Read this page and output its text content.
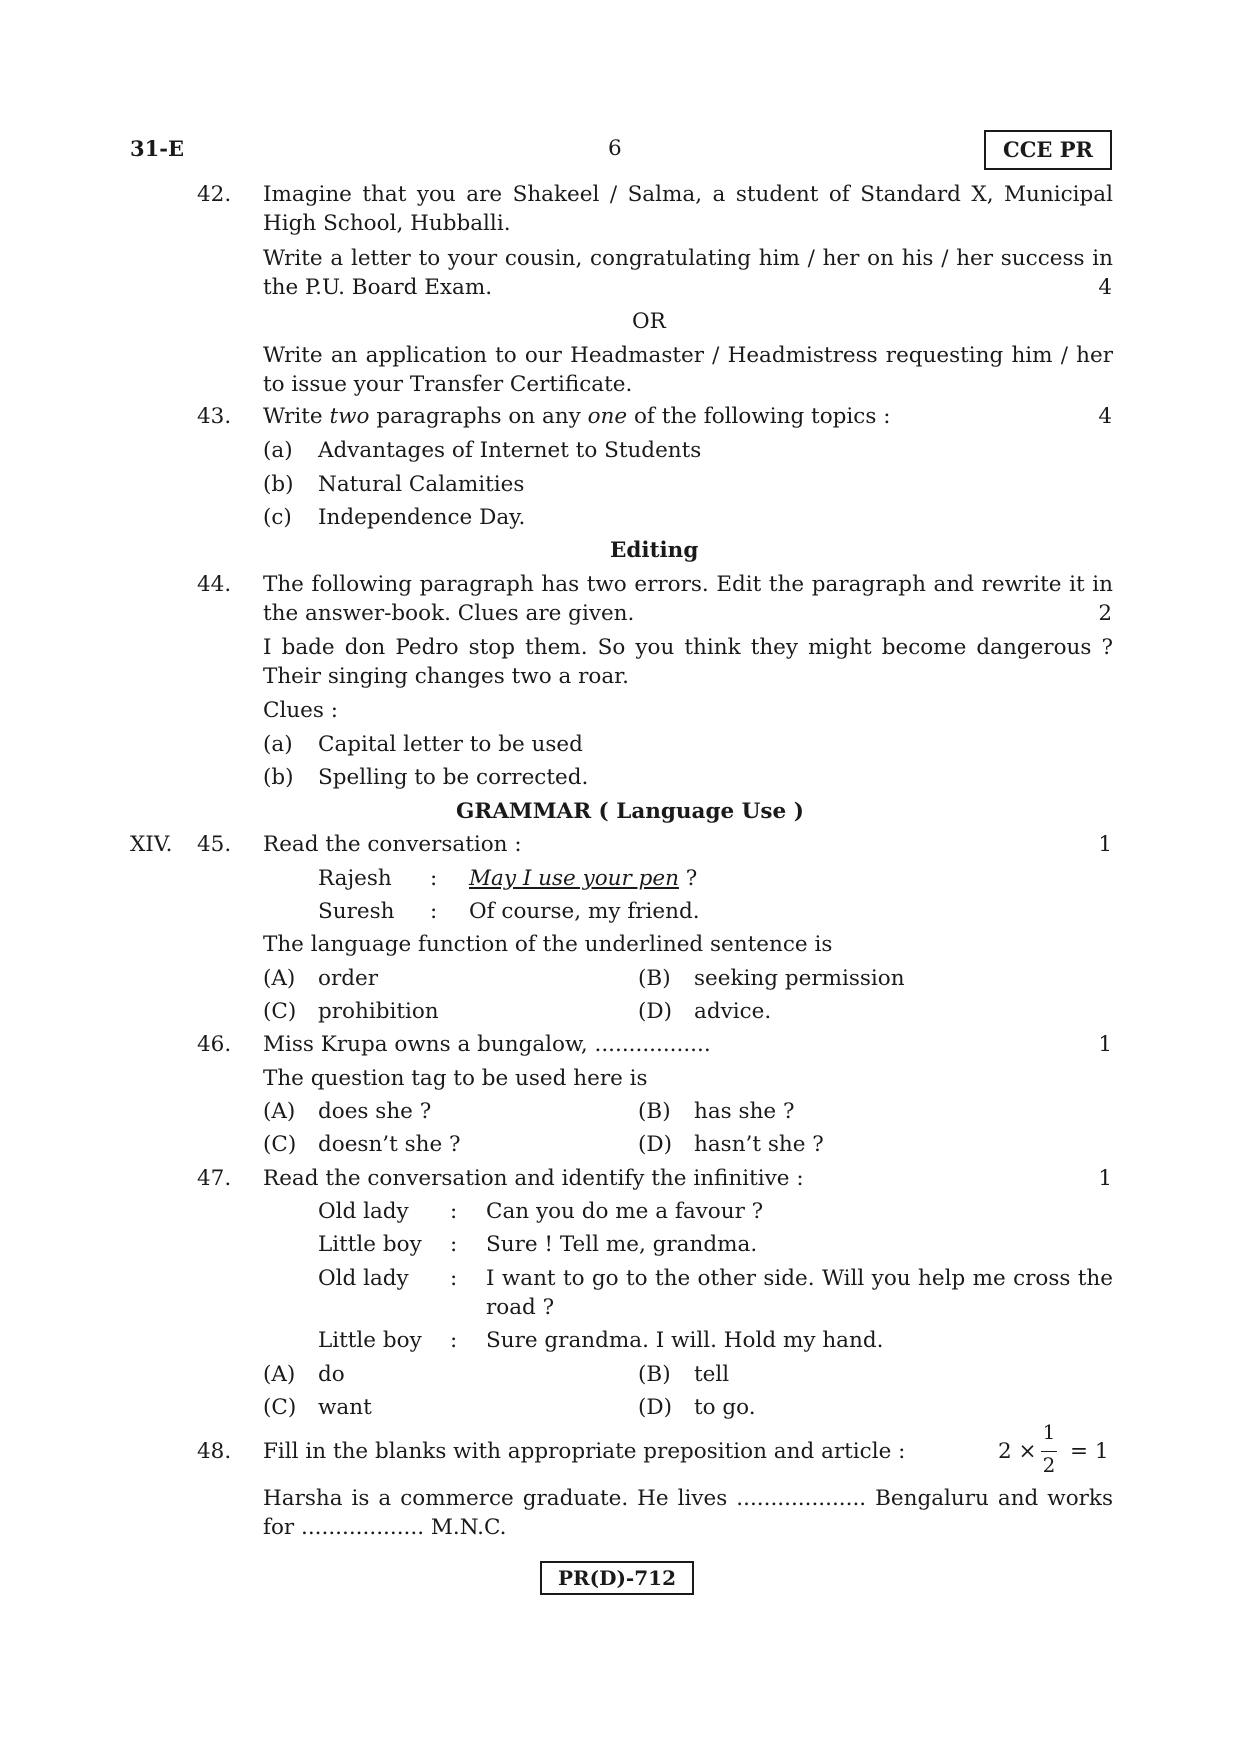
31-E	6	CCE PR
42. Imagine that you are Shakeel / Salma, a student of Standard X, Municipal High School, Hubballi.
Write a letter to your cousin, congratulating him / her on his / her success in the P.U. Board Exam.	4
OR
Write an application to our Headmaster / Headmistress requesting him / her to issue your Transfer Certificate.
43. Write two paragraphs on any one of the following topics :	4
(a) Advantages of Internet to Students
(b) Natural Calamities
(c) Independence Day.
Editing
44. The following paragraph has two errors. Edit the paragraph and rewrite it in the answer-book. Clues are given.	2
I bade don Pedro stop them. So you think they might become dangerous ? Their singing changes two a roar.
Clues :
(a) Capital letter to be used
(b) Spelling to be corrected.
GRAMMAR ( Language Use )
XIV. 45. Read the conversation :	1
Rajesh : May I use your pen ?
Suresh : Of course, my friend.
The language function of the underlined sentence is
(A) order	(B) seeking permission
(C) prohibition	(D) advice.
46. Miss Krupa owns a bungalow, .................	1
The question tag to be used here is
(A) does she ?	(B) has she ?
(C) doesn’t she ?	(D) hasn’t she ?
47. Read the conversation and identify the infinitive :	1
Old lady : Can you do me a favour ?
Little boy : Sure ! Tell me, grandma.
Old lady : I want to go to the other side. Will you help me cross the road ?
Little boy : Sure grandma. I will. Hold my hand.
(A) do	(B) tell
(C) want	(D) to go.
48. Fill in the blanks with appropriate preposition and article :	2 ×
1
2
= 1
Harsha is a commerce graduate. He lives ................... Bengaluru and works for .................. M.N.C.
PR(D)-712
